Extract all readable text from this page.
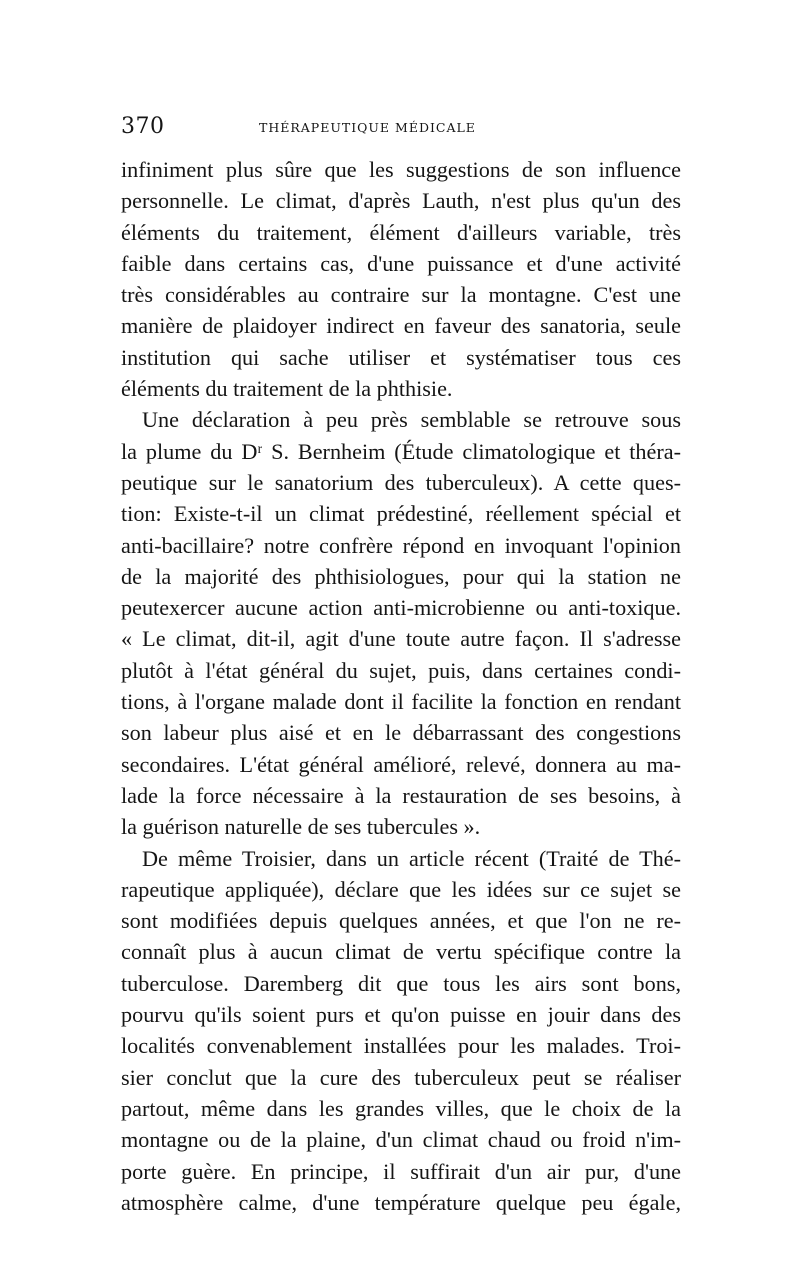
370	THÉRAPEUTIQUE MÉDICALE
infiniment plus sûre que les suggestions de son influence
personnelle. Le climat, d'après Lauth, n'est plus qu'un des
éléments du traitement, élément d'ailleurs variable, très
faible dans certains cas, d'une puissance et d'une activité
très considérables au contraire sur la montagne. C'est une
manière de plaidoyer indirect en faveur des sanatoria, seule
institution qui sache utiliser et systématiser tous ces
éléments du traitement de la phthisie.
Une déclaration à peu près semblable se retrouve sous
la plume du Dʳ S. Bernheim (Étude climatologique et théra-
peutique sur le sanatorium des tuberculeux). A cette ques-
tion: Existe-t-il un climat prédestiné, réellement spécial et
anti-bacillaire? notre confrère répond en invoquant l'opinion
de la majorité des phthisiologues, pour qui la station ne
peutexercer aucune action anti-microbienne ou anti-toxique.
« Le climat, dit-il, agit d'une toute autre façon. Il s'adresse
plutôt à l'état général du sujet, puis, dans certaines condi-
tions, à l'organe malade dont il facilite la fonction en rendant
son labeur plus aisé et en le débarrassant des congestions
secondaires. L'état général amélioré, relevé, donnera au ma-
lade la force nécessaire à la restauration de ses besoins, à
la guérison naturelle de ses tubercules ».
De même Troisier, dans un article récent (Traité de Thé-
rapeutique appliquée), déclare que les idées sur ce sujet se
sont modifiées depuis quelques années, et que l'on ne re-
connaît plus à aucun climat de vertu spécifique contre la
tuberculose. Daremberg dit que tous les airs sont bons,
pourvu qu'ils soient purs et qu'on puisse en jouir dans des
localités convenablement installées pour les malades. Troi-
sier conclut que la cure des tuberculeux peut se réaliser
partout, même dans les grandes villes, que le choix de la
montagne ou de la plaine, d'un climat chaud ou froid n'im-
porte guère. En principe, il suffirait d'un air pur, d'une
atmosphère calme, d'une température quelque peu égale,
